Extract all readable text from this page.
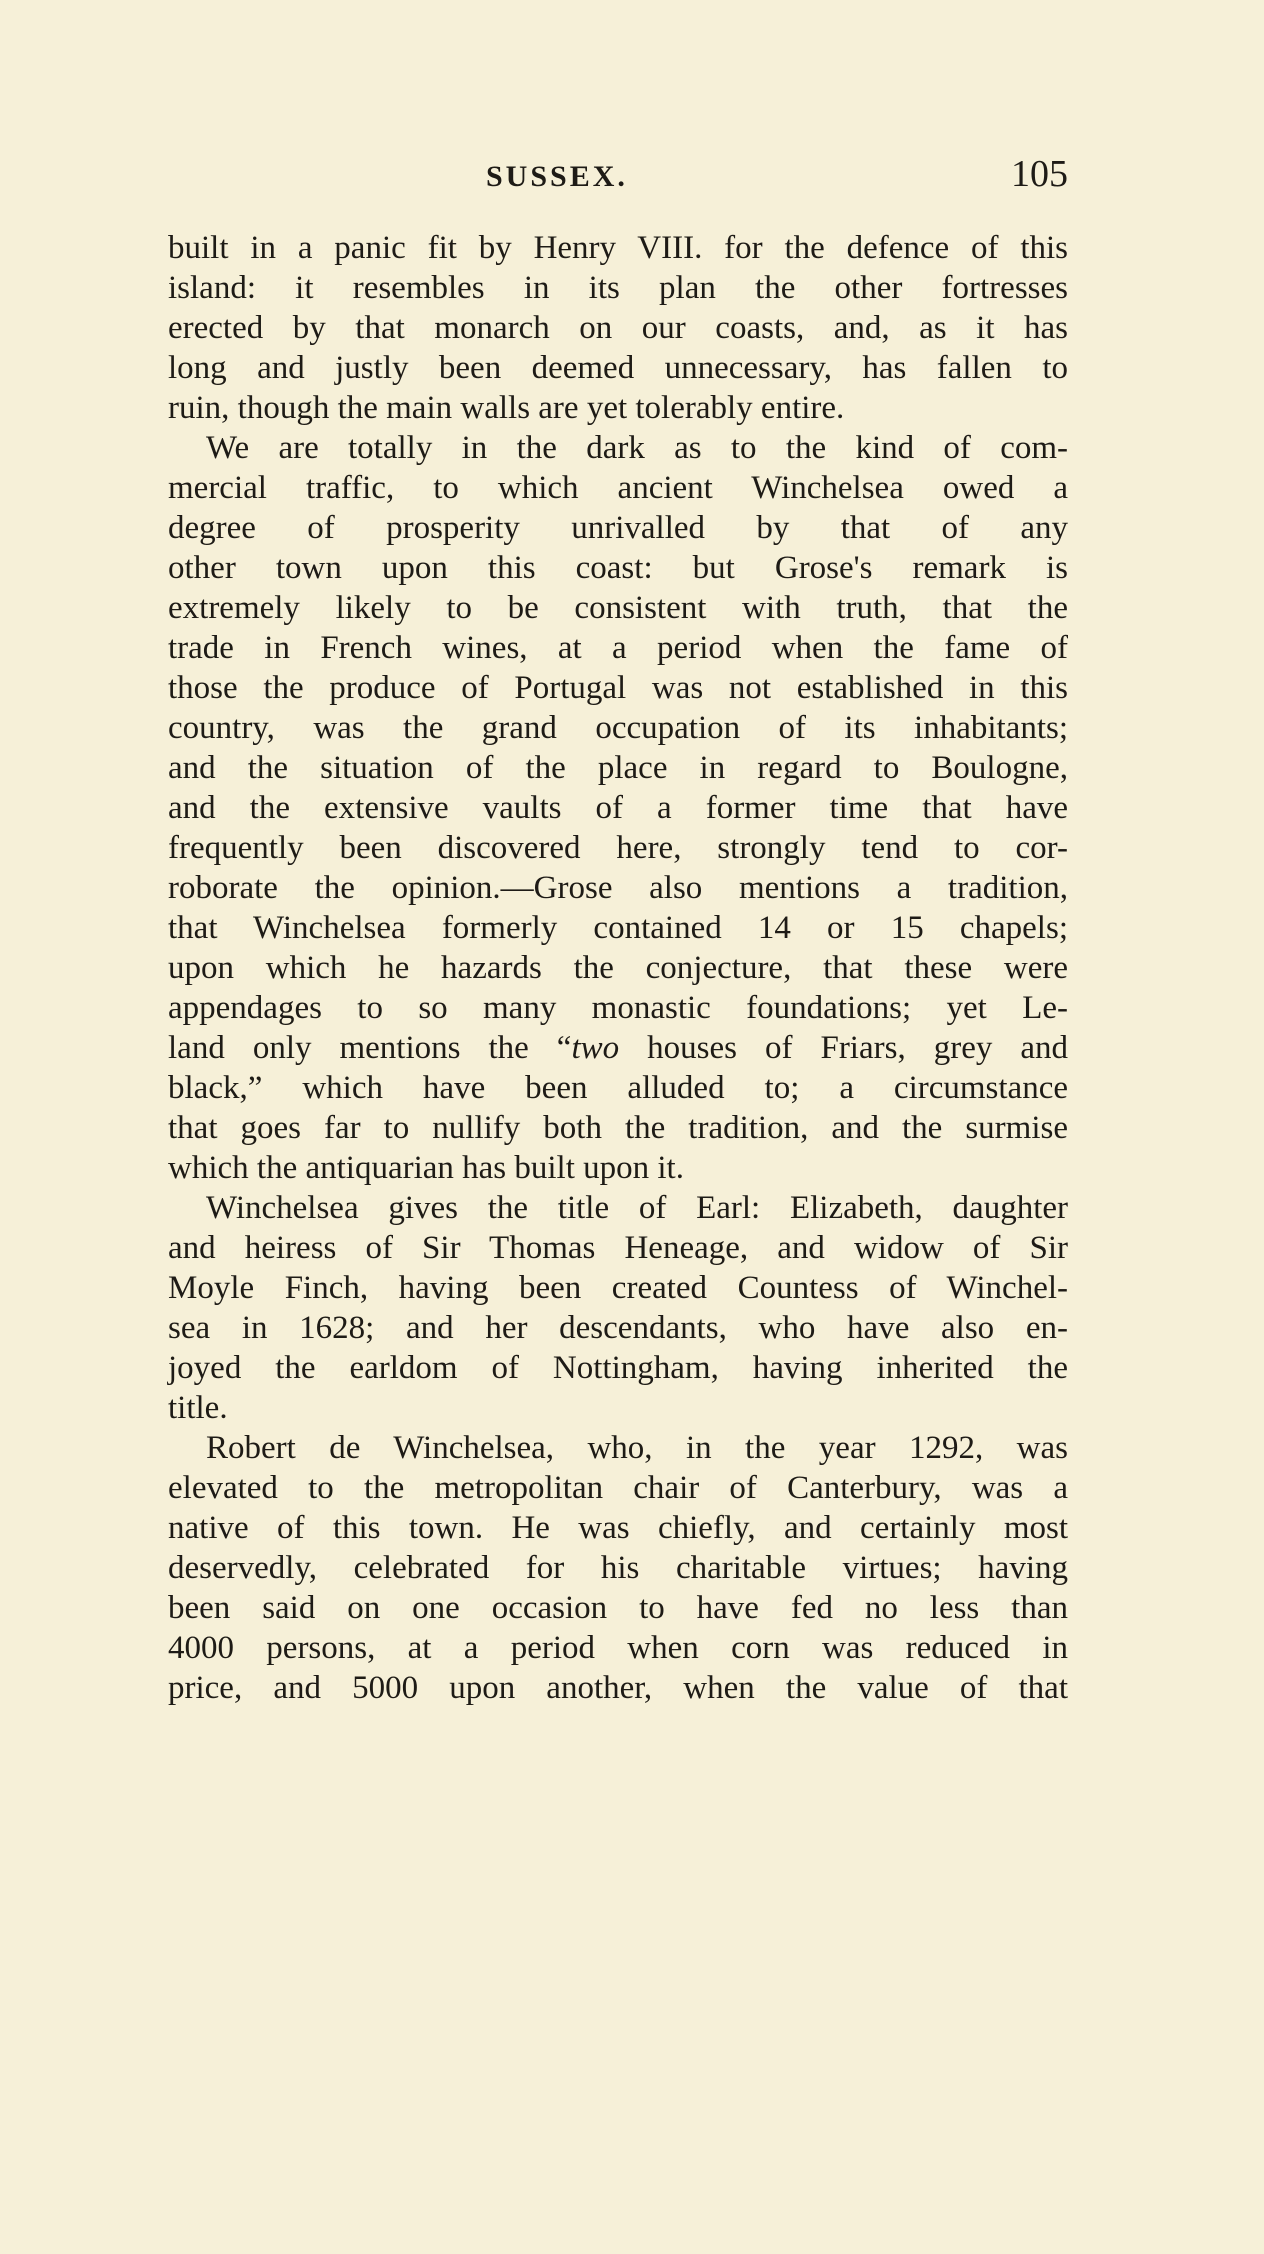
SUSSEX.	105
built in a panic fit by Henry VIII. for the defence of this
island: it resembles in its plan the other fortresses
erected by that monarch on our coasts, and, as it has
long and justly been deemed unnecessary, has fallen to
ruin, though the main walls are yet tolerably entire.
We are totally in the dark as to the kind of com-
mercial traffic, to which ancient Winchelsea owed a
degree of prosperity unrivalled by that of any
other town upon this coast: but Grose's remark is
extremely likely to be consistent with truth, that the
trade in French wines, at a period when the fame of
those the produce of Portugal was not established in this
country, was the grand occupation of its inhabitants;
and the situation of the place in regard to Boulogne,
and the extensive vaults of a former time that have
frequently been discovered here, strongly tend to cor-
roborate the opinion.—Grose also mentions a tradition,
that Winchelsea formerly contained 14 or 15 chapels;
upon which he hazards the conjecture, that these were
appendages to so many monastic foundations; yet Le-
land only mentions the “two houses of Friars, grey and
black,” which have been alluded to; a circumstance
that goes far to nullify both the tradition, and the surmise
which the antiquarian has built upon it.
Winchelsea gives the title of Earl: Elizabeth, daughter
and heiress of Sir Thomas Heneage, and widow of Sir
Moyle Finch, having been created Countess of Winchel-
sea in 1628; and her descendants, who have also en-
joyed the earldom of Nottingham, having inherited the
title.
Robert de Winchelsea, who, in the year 1292, was
elevated to the metropolitan chair of Canterbury, was a
native of this town. He was chiefly, and certainly most
deservedly, celebrated for his charitable virtues; having
been said on one occasion to have fed no less than
4000 persons, at a period when corn was reduced in
price, and 5000 upon another, when the value of that
